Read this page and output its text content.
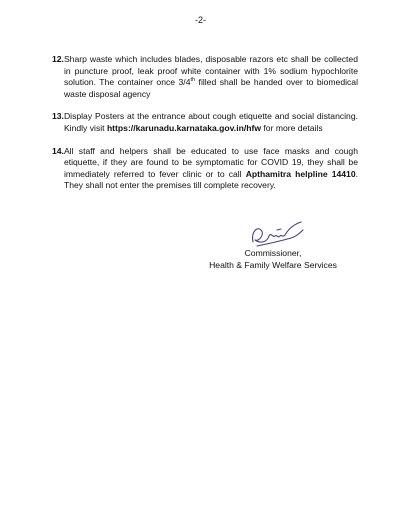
-2-
12. Sharp waste which includes blades, disposable razors etc shall be collected in puncture proof, leak proof white container with 1% sodium hypochlorite solution. The container once 3/4th filled shall be handed over to biomedical waste disposal agency
13. Display Posters at the entrance about cough etiquette and social distancing. Kindly visit https://karunadu.karnataka.gov.in/hfw for more details
14. All staff and helpers shall be educated to use face masks and cough etiquette, if they are found to be symptomatic for COVID 19, they shall be immediately referred to fever clinic or to call Apthamitra helpline 14410. They shall not enter the premises till complete recovery.
Commissioner,
Health & Family Welfare Services
